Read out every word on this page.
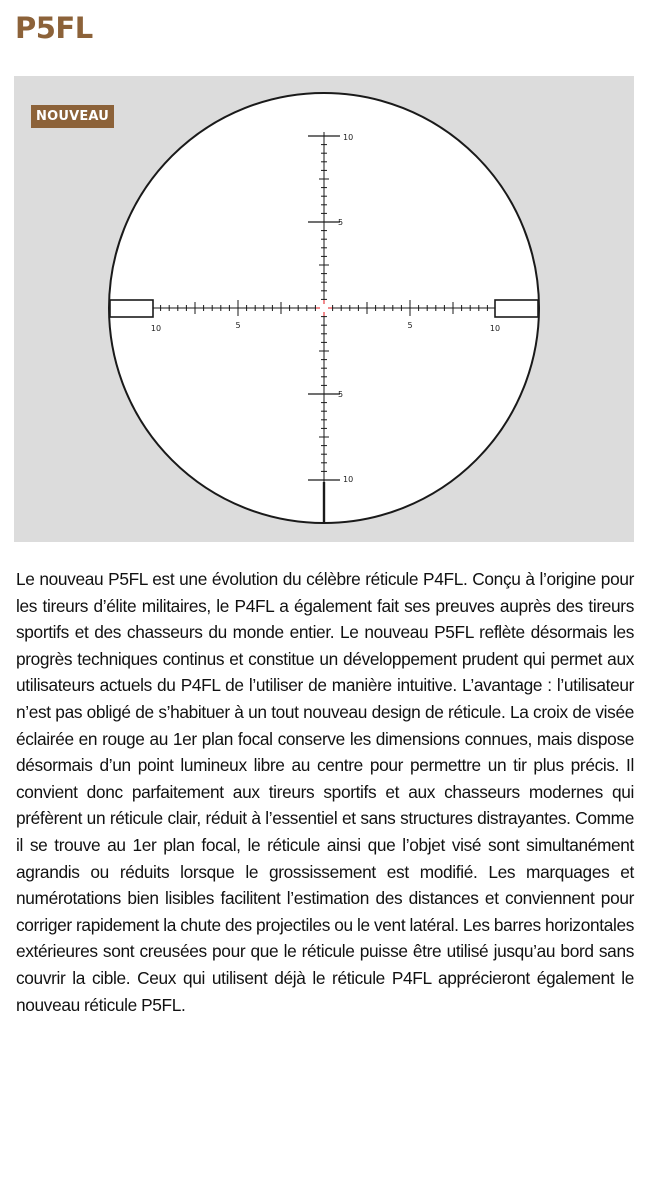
P5FL
NOUVEAU
10	5	5	10
10
5
5
10

Le nouveau P5FL est une évolution du célèbre réticule P4FL. Conçu à l’origine pour les tireurs d’élite militaires, le P4FL a également fait ses preuves auprès des tireurs sportifs et des chasseurs du monde entier. Le nouveau P5FL reflète désormais les progrès techniques continus et constitue un développement prudent qui permet aux utilisateurs actuels du P4FL de l’utiliser de manière intuitive. L’avantage : l’utilisateur n’est pas obligé de s’habituer à un tout nouveau design de réticule. La croix de visée éclairée en rouge au 1er plan focal conserve les dimensions connues, mais dispose désormais d’un point lumineux libre au centre pour permettre un tir plus précis. Il convient donc parfaitement aux tireurs sportifs et aux chasseurs modernes qui préfèrent un réticule clair, réduit à l’essentiel et sans structures distrayantes. Comme il se trouve au 1er plan focal, le réticule ainsi que l’objet visé sont simultanément agrandis ou réduits lorsque le grossissement est modifié. Les marquages et numérotations bien lisibles facilitent l’estimation des distances et conviennent pour corriger rapidement la chute des projectiles ou le vent latéral. Les barres horizontales extérieures sont creusées pour que le réticule puisse être utilisé jusqu’au bord sans couvrir la cible. Ceux qui utilisent déjà le réticule P4FL apprécieront également le nouveau réticule P5FL.
